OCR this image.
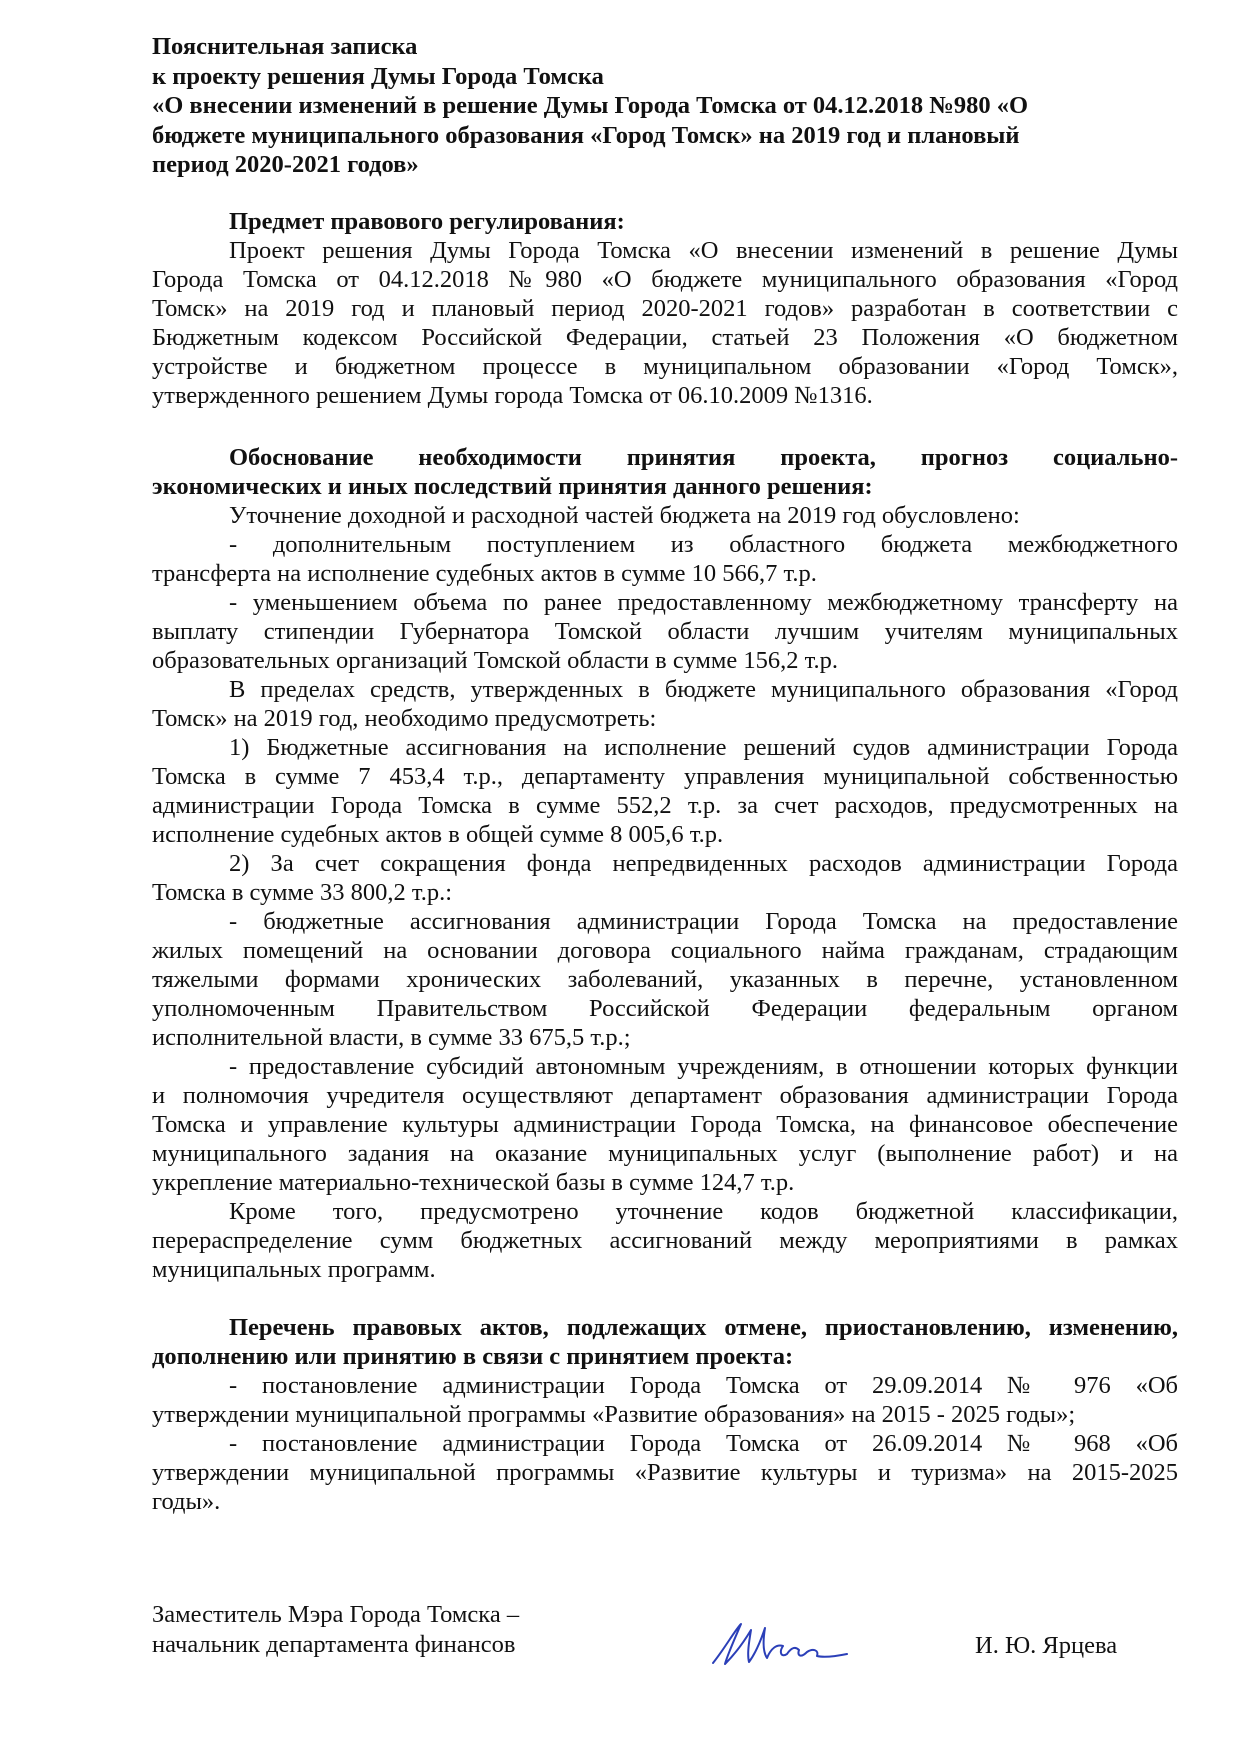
Пояснительная записка
к проекту решения Думы Города Томска
«О внесении изменений в решение Думы Города Томска от 04.12.2018 №980 «О
бюджете муниципального образования «Город Томск» на 2019 год и плановый
период 2020-2021 годов»
Предмет правового регулирования:
Проект решения Думы Города Томска «О внесении изменений в решение Думы
Города Томска от 04.12.2018 №980 «О бюджете муниципального образования «Город
Томск» на 2019 год и плановый период 2020-2021 годов» разработан в соответствии с
Бюджетным кодексом Российской Федерации, статьей 23 Положения «О бюджетном
устройстве и бюджетном процессе в муниципальном образовании «Город Томск»,
утвержденного решением Думы города Томска от 06.10.2009 №1316.
Обоснование необходимости принятия проекта, прогноз социально-
экономических и иных последствий принятия данного решения:
Уточнение доходной и расходной частей бюджета на 2019 год обусловлено:
- дополнительным поступлением из областного бюджета межбюджетного
трансферта на исполнение судебных актов в сумме 10 566,7 т.р.
- уменьшением объема по ранее предоставленному межбюджетному трансферту на
выплату стипендии Губернатора Томской области лучшим учителям муниципальных
образовательных организаций Томской области в сумме 156,2 т.р.
В пределах средств, утвержденных в бюджете муниципального образования «Город
Томск» на 2019 год, необходимо предусмотреть:
1) Бюджетные ассигнования на исполнение решений судов администрации Города
Томска в сумме 7 453,4 т.р., департаменту управления муниципальной собственностью
администрации Города Томска в сумме 552,2 т.р. за счет расходов, предусмотренных на
исполнение судебных актов в общей сумме 8 005,6 т.р.
2) За счет сокращения фонда непредвиденных расходов администрации Города
Томска в сумме 33 800,2 т.р.:
- бюджетные ассигнования администрации Города Томска на предоставление
жилых помещений на основании договора социального найма гражданам, страдающим
тяжелыми формами хронических заболеваний, указанных в перечне, установленном
уполномоченным Правительством Российской Федерации федеральным органом
исполнительной власти, в сумме 33 675,5 т.р.;
- предоставление субсидий автономным учреждениям, в отношении которых функции
и полномочия учредителя осуществляют департамент образования администрации Города
Томска и управление культуры администрации Города Томска, на финансовое обеспечение
муниципального задания на оказание муниципальных услуг (выполнение работ) и на
укрепление материально-технической базы в сумме 124,7 т.р.
Кроме того, предусмотрено уточнение кодов бюджетной классификации,
перераспределение сумм бюджетных ассигнований между мероприятиями в рамках
муниципальных программ.
Перечень правовых актов, подлежащих отмене, приостановлению, изменению,
дополнению или принятию в связи с принятием проекта:
- постановление администрации Города Томска от 29.09.2014 № 976 «Об
утверждении муниципальной программы «Развитие образования» на 2015 - 2025 годы»;
- постановление администрации Города Томска от 26.09.2014 № 968 «Об
утверждении муниципальной программы «Развитие культуры и туризма» на 2015-2025
годы».
Заместитель Мэра Города Томска –
начальник департамента финансов	И. Ю. Ярцева
